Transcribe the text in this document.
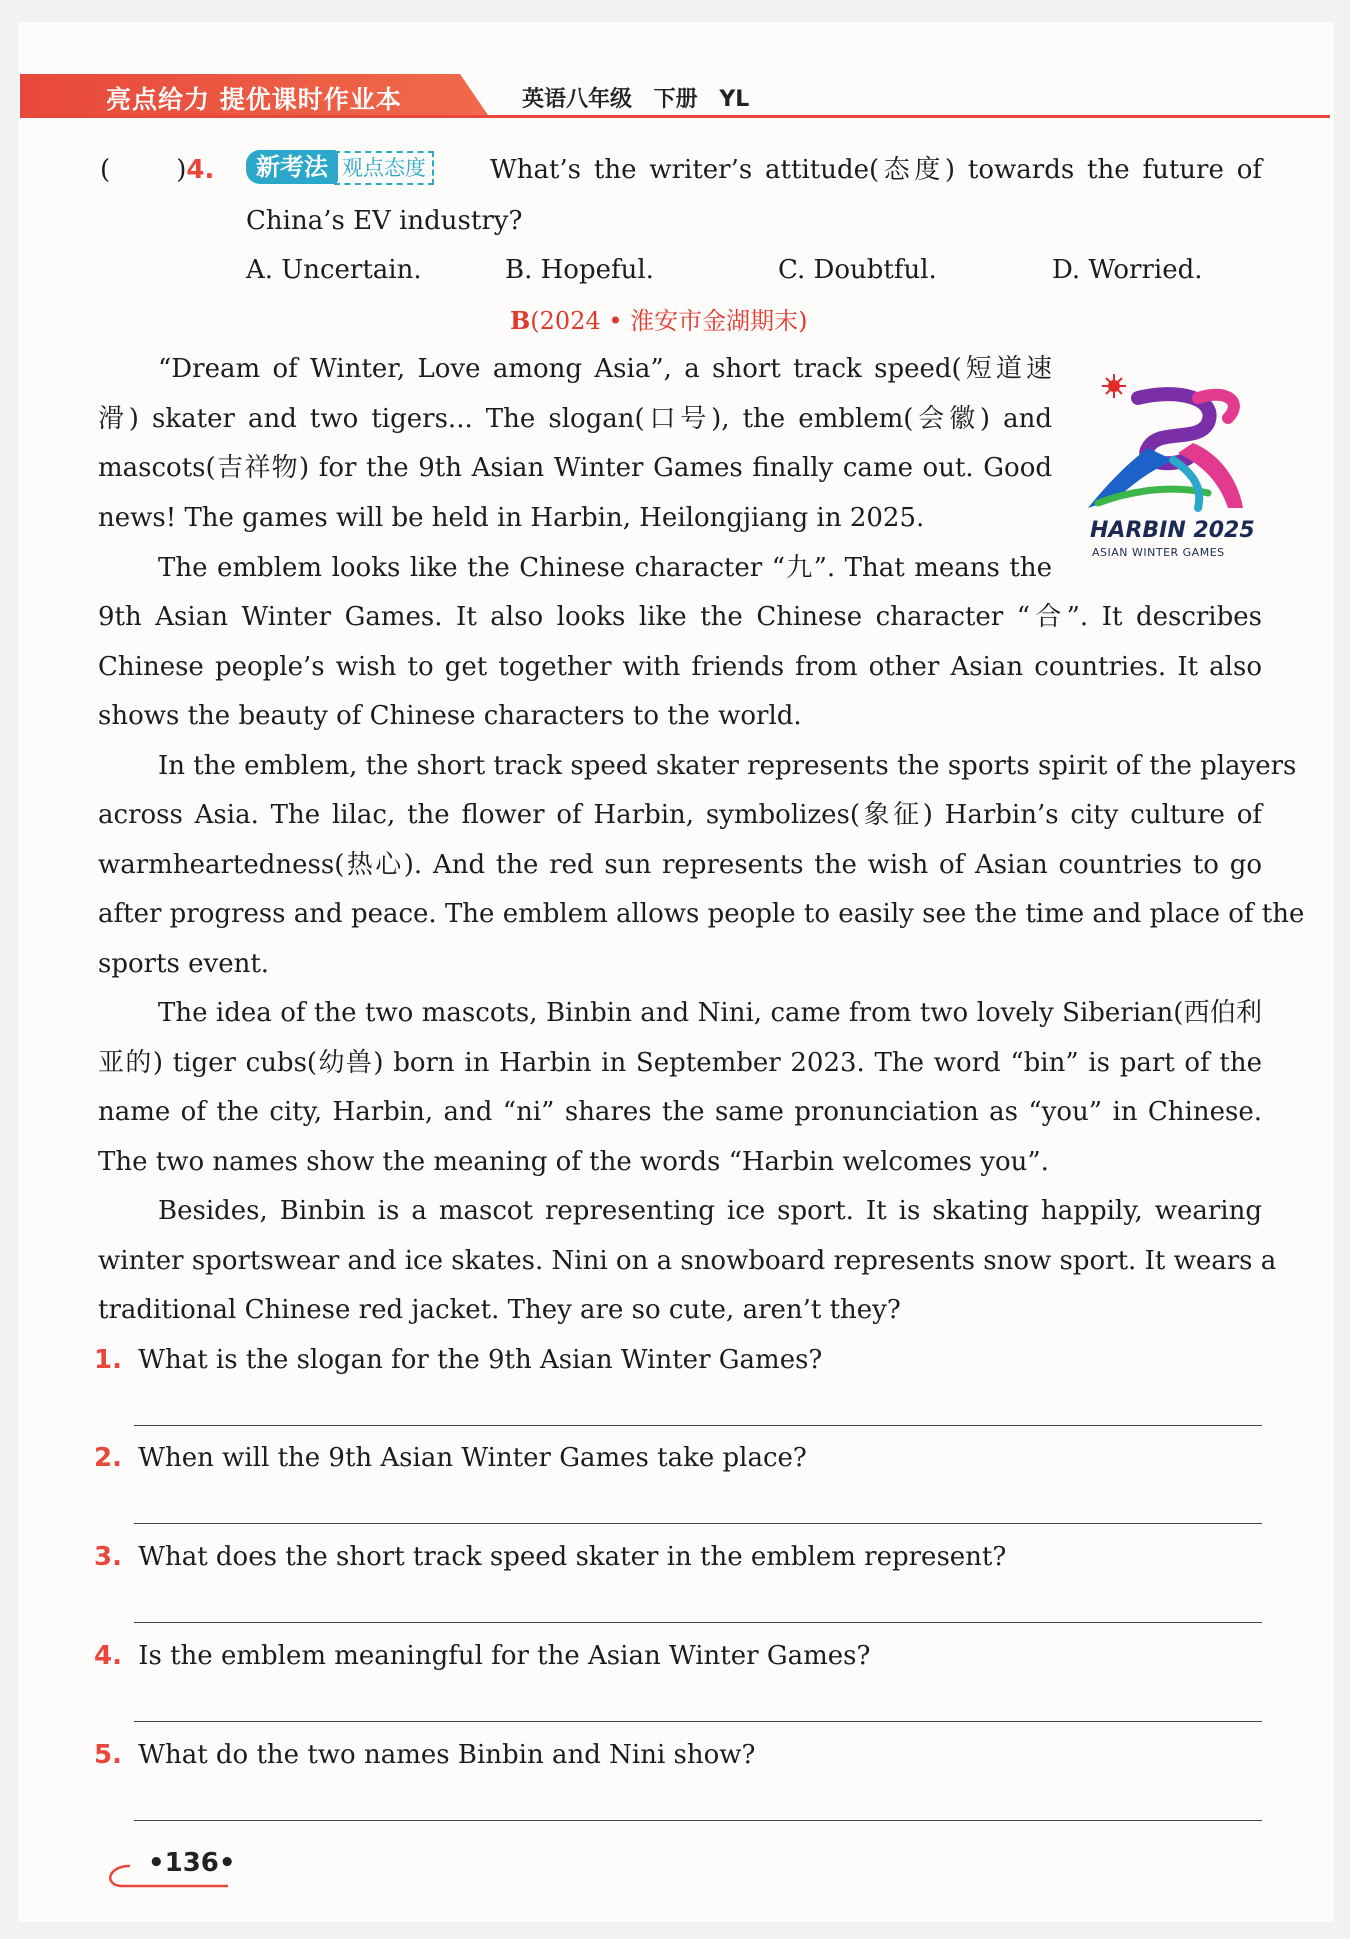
亮点给力 提优课时作业本	英语八年级 下册 YL
(        )4.	新考法 观点态度	What’s the writer’s attitude(态度) towards the future of
China’s EV industry?
A. Uncertain.	B. Hopeful.	C. Doubtful.	D. Worried.
B(2024 • 淮安市金湖期末)
“Dream of Winter, Love among Asia”, a short track speed(短道速
滑) skater and two tigers... The slogan(口号), the emblem(会徽) and
mascots(吉祥物) for the 9th Asian Winter Games finally came out. Good
news! The games will be held in Harbin, Heilongjiang in 2025.	HARBIN 2025
ASIAN WINTER GAMES
The emblem looks like the Chinese character “九”. That means the
9th Asian Winter Games. It also looks like the Chinese character “合”. It describes
Chinese people’s wish to get together with friends from other Asian countries. It also
shows the beauty of Chinese characters to the world.
In the emblem, the short track speed skater represents the sports spirit of the players
across Asia. The lilac, the flower of Harbin, symbolizes(象征) Harbin’s city culture of
warmheartedness(热心). And the red sun represents the wish of Asian countries to go
after progress and peace. The emblem allows people to easily see the time and place of the
sports event.
The idea of the two mascots, Binbin and Nini, came from two lovely Siberian(西伯利
亚的) tiger cubs(幼兽) born in Harbin in September 2023. The word “bin” is part of the
name of the city, Harbin, and “ni” shares the same pronunciation as “you” in Chinese.
The two names show the meaning of the words “Harbin welcomes you”.
Besides, Binbin is a mascot representing ice sport. It is skating happily, wearing
winter sportswear and ice skates. Nini on a snowboard represents snow sport. It wears a
traditional Chinese red jacket. They are so cute, aren’t they?
1. What is the slogan for the 9th Asian Winter Games?
2. When will the 9th Asian Winter Games take place?
3. What does the short track speed skater in the emblem represent?
4. Is the emblem meaningful for the Asian Winter Games?
5. What do the two names Binbin and Nini show?
•136•
